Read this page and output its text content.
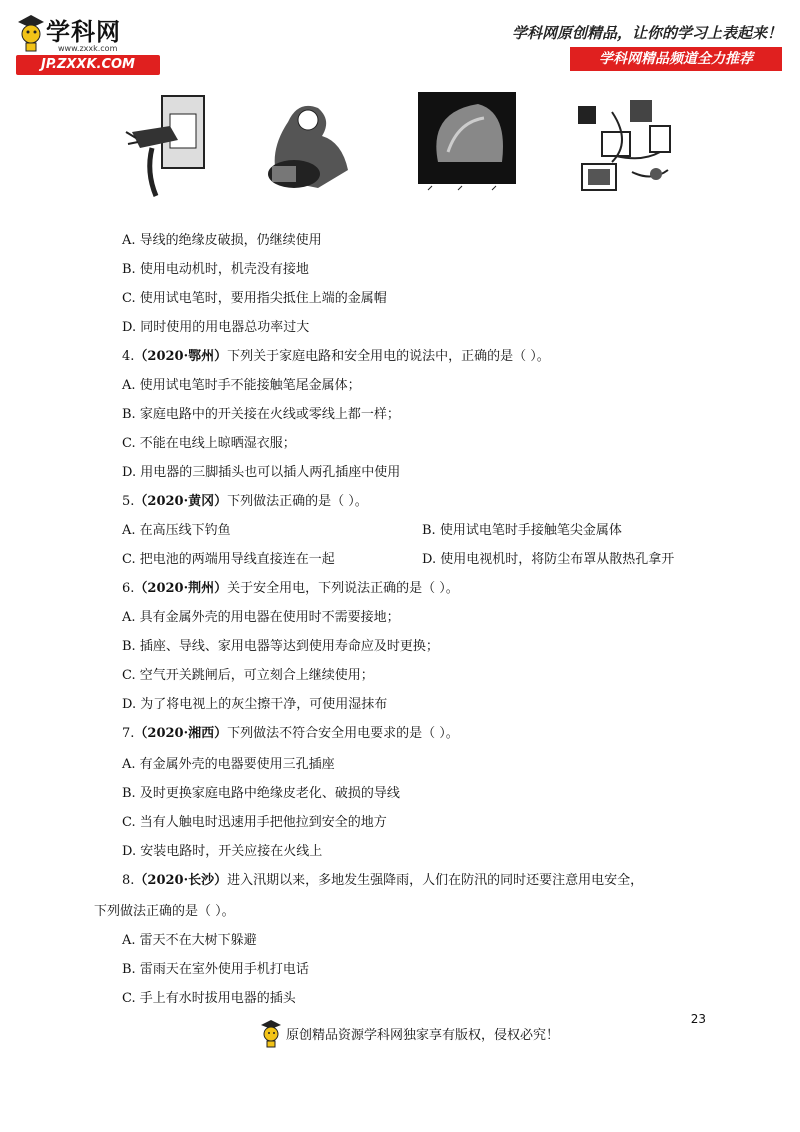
学科网
www.zxxk.com
JP.ZXXK.COM
学科网原创精品，让你的学习上表起来！
学科网精品频道全力推荐
A. 导线的绝缘皮破损，仍继续使用
B. 使用电动机时，机壳没有接地
C. 使用试电笔时，要用指尖抵住上端的金属帽
D. 同时使用的用电器总功率过大
4.（2020·鄂州）下列关于家庭电路和安全用电的说法中，正确的是（ ）。
A. 使用试电笔时手不能接触笔尾金属体；
B. 家庭电路中的开关接在火线或零线上都一样；
C. 不能在电线上晾晒湿衣服；
D. 用电器的三脚插头也可以插人两孔插座中使用
5.（2020·黄冈）下列做法正确的是（ ）。
A. 在高压线下钓鱼	B. 使用试电笔时手接触笔尖金属体
C. 把电池的两端用导线直接连在一起	D. 使用电视机时，将防尘布罩从散热孔拿开
6.（2020·荆州）关于安全用电，下列说法正确的是（ ）。
A. 具有金属外壳的用电器在使用时不需要接地；
B. 插座、导线、家用电器等达到使用寿命应及时更换；
C. 空气开关跳闸后，可立刻合上继续使用；
D. 为了将电视上的灰尘擦干净，可使用湿抹布
7.（2020·湘西）下列做法不符合安全用电要求的是（ ）。
A. 有金属外壳的电器要使用三孔插座
B. 及时更换家庭电路中绝缘皮老化、破损的导线
C. 当有人触电时迅速用手把他拉到安全的地方
D. 安装电路时，开关应接在火线上
8.（2020·长沙）进入汛期以来，多地发生强降雨，人们在防汛的同时还要注意用电安全，
下列做法正确的是（ ）。
A. 雷天不在大树下躲避
B. 雷雨天在室外使用手机打电话
C. 手上有水时拔用电器的插头
23
原创精品资源学科网独家享有版权，侵权必究！
